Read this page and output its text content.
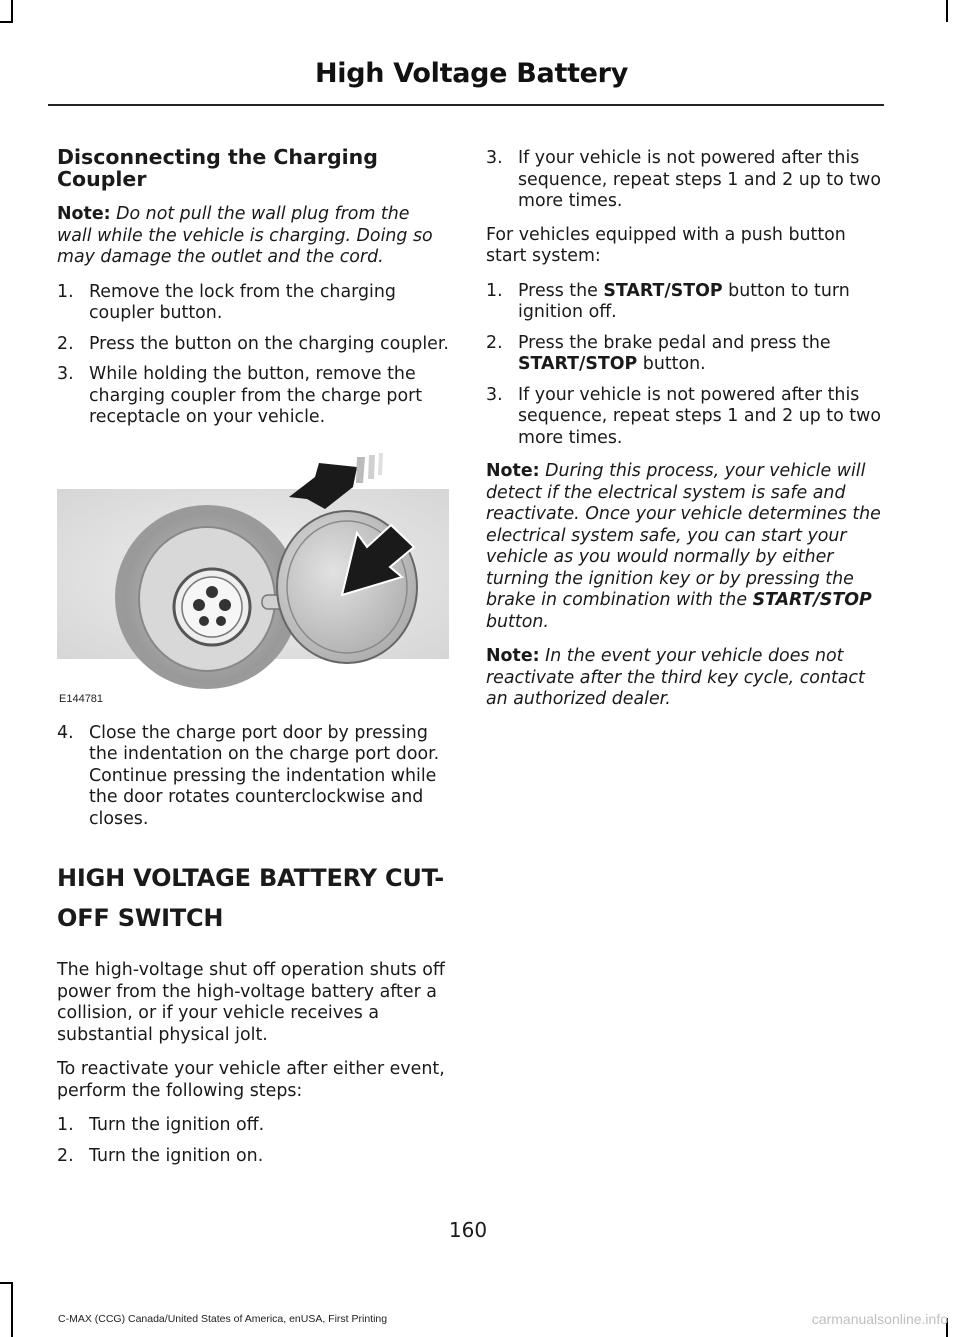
High Voltage Battery
Disconnecting the Charging Coupler

Note: Do not pull the wall plug from the wall while the vehicle is charging. Doing so may damage the outlet and the cord.

1. Remove the lock from the charging coupler button.
2. Press the button on the charging coupler.
3. While holding the button, remove the charging coupler from the charge port receptacle on your vehicle.
E144781
4. Close the charge port door by pressing the indentation on the charge port door. Continue pressing the indentation while the door rotates counterclockwise and closes.
HIGH VOLTAGE BATTERY CUT-
OFF SWITCH

The high-voltage shut off operation shuts off power from the high-voltage battery after a collision, or if your vehicle receives a substantial physical jolt.

To reactivate your vehicle after either event, perform the following steps:

1. Turn the ignition off.
2. Turn the ignition on.
3. If your vehicle is not powered after this sequence, repeat steps 1 and 2 up to two more times.

For vehicles equipped with a push button start system:

1. Press the START/STOP button to turn ignition off.
2. Press the brake pedal and press the START/STOP button.
3. If your vehicle is not powered after this sequence, repeat steps 1 and 2 up to two more times.

Note: During this process, your vehicle will detect if the electrical system is safe and reactivate. Once your vehicle determines the electrical system safe, you can start your vehicle as you would normally by either turning the ignition key or by pressing the brake in combination with the START/STOP button.

Note: In the event your vehicle does not reactivate after the third key cycle, contact an authorized dealer.

160
C-MAX (CCG) Canada/United States of America, enUSA, First Printing	carmanualsonline.info
